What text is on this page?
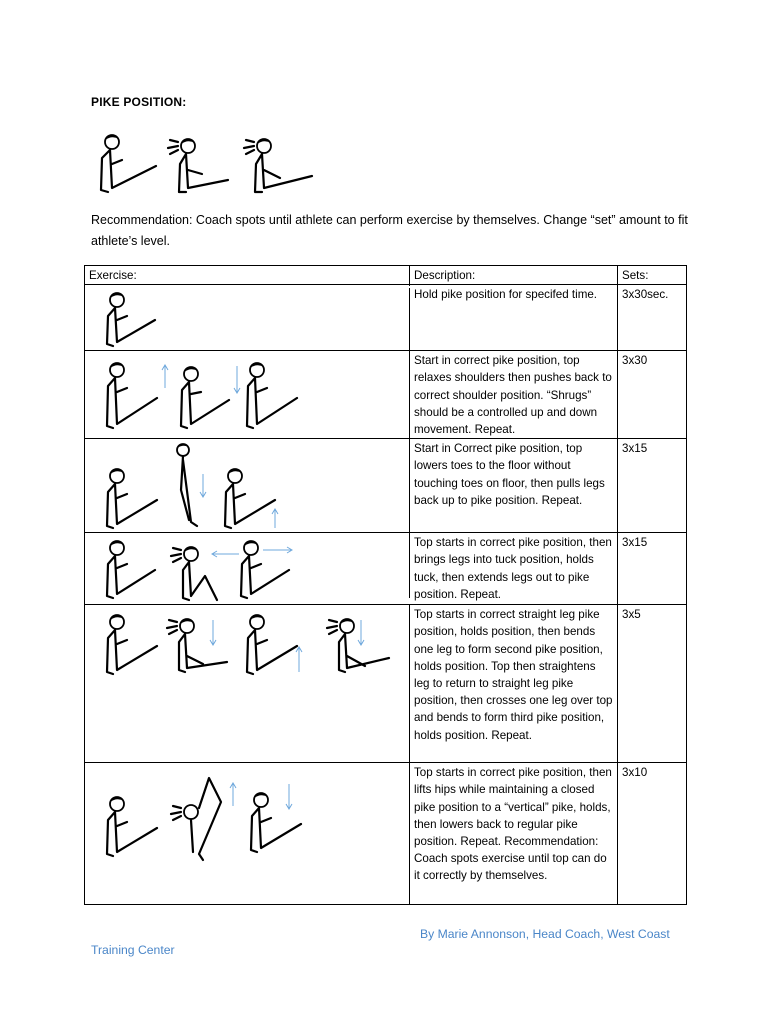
PIKE POSITION:
Recommendation: Coach spots until athlete can perform exercise by themselves. Change “set” amount to fit athlete’s level.
Exercise:	Description:	Sets:

	Hold pike position for specifed time.	3x30sec.

	Start in correct pike position, top relaxes shoulders then pushes back to correct shoulder position. “Shrugs” should be a controlled up and down movement. Repeat.	3x30

	Start in Correct pike position, top lowers toes to the floor without touching toes on floor, then pulls legs back up to pike position. Repeat.	3x15

	Top starts in correct pike position, then brings legs into tuck position, holds tuck, then extends legs out to pike position. Repeat.	3x15

	Top starts in correct straight leg pike position, holds position, then bends one leg to form second pike position, holds position. Top then straightens leg to return to straight leg pike position, then crosses one leg over top and bends to form third pike position, holds position. Repeat.	3x5

	Top starts in correct pike position, then lifts hips while maintaining a closed pike position to a “vertical” pike, holds, then lowers back to regular pike position. Repeat. Recommendation: Coach spots exercise until top can do it correctly by themselves.	3x10
By Marie Annonson, Head Coach, West Coast
Training Center
